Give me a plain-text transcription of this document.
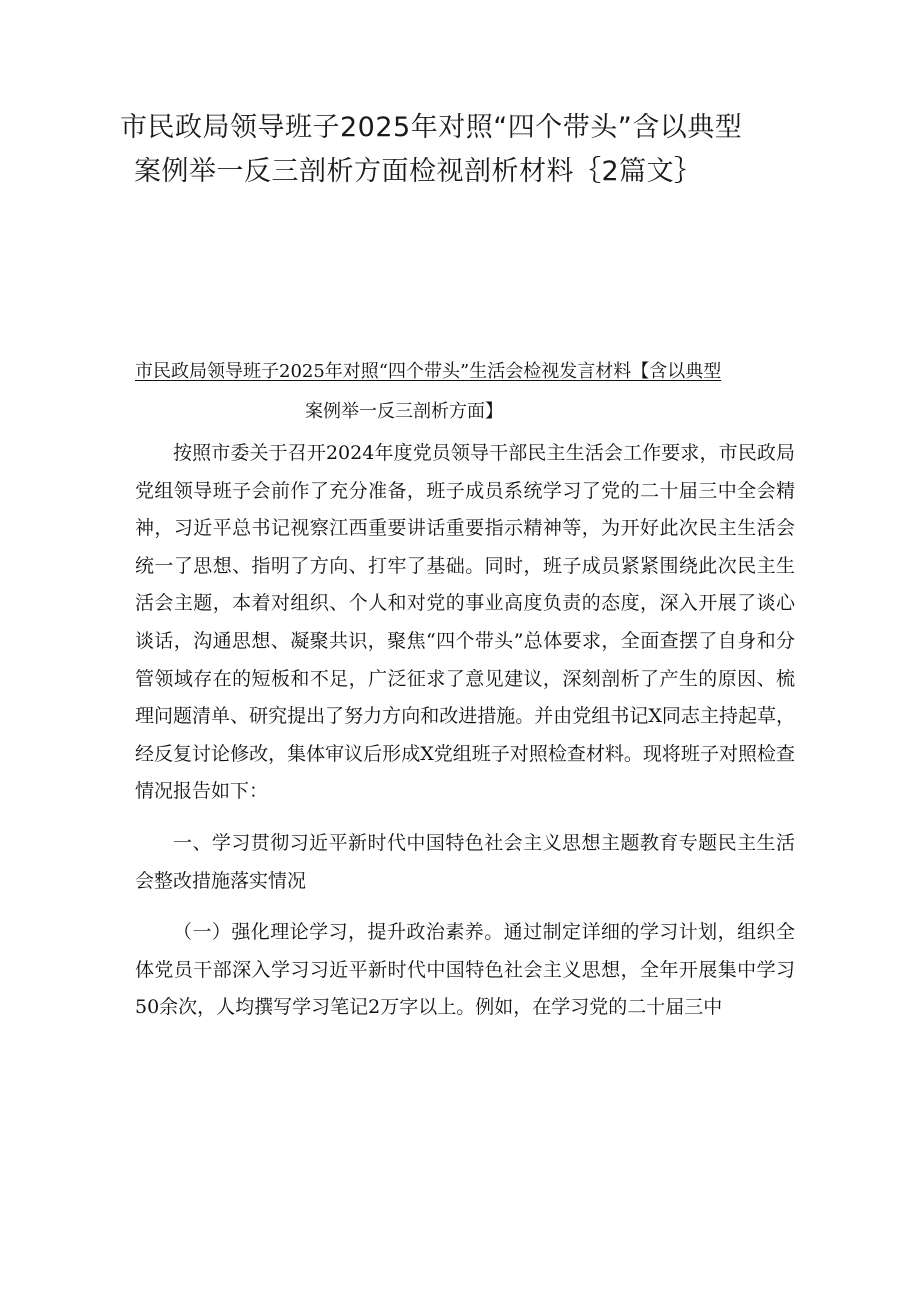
市民政局领导班子2025年对照“四个带头”含以典型
案例举一反三剖析方面检视剖析材料｛2篇文｝
市民政局领导班子2025年对照“四个带头”生活会检视发言材料【含以典型
案例举一反三剖析方面】

按照市委关于召开2024年度党员领导干部民主生活会工作要求，市民政局党组领导班子会前作了充分准备，班子成员系统学习了党的二十届三中全会精神，习近平总书记视察江西重要讲话重要指示精神等，为开好此次民主生活会统一了思想、指明了方向、打牢了基础。同时，班子成员紧紧围绕此次民主生活会主题，本着对组织、个人和对党的事业高度负责的态度，深入开展了谈心谈话，沟通思想、凝聚共识，聚焦“四个带头”总体要求，全面查摆了自身和分管领域存在的短板和不足，广泛征求了意见建议，深刻剖析了产生的原因、梳理问题清单、研究提出了努力方向和改进措施。并由党组书记X同志主持起草，经反复讨论修改，集体审议后形成X党组班子对照检查材料。现将班子对照检查情况报告如下：

一、学习贯彻习近平新时代中国特色社会主义思想主题教育专题民主生活会整改措施落实情况

（一）强化理论学习，提升政治素养。通过制定详细的学习计划，组织全体党员干部深入学习习近平新时代中国特色社会主义思想，全年开展集中学习50余次，人均撰写学习笔记2万字以上。例如，在学习党的二十届三中
